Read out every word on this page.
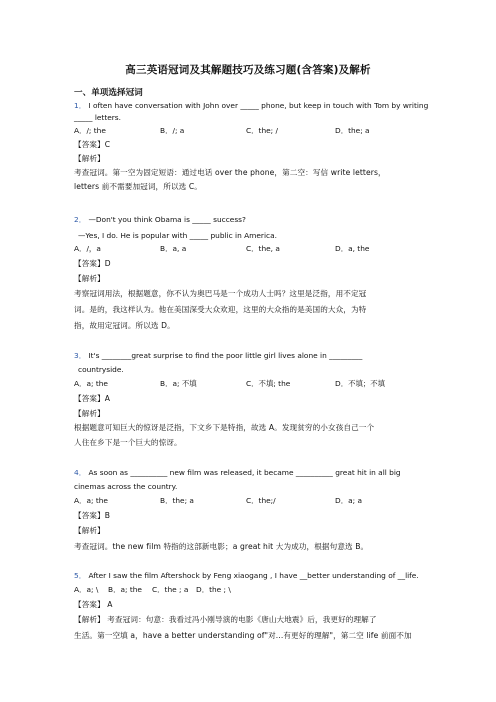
高三英语冠词及其解题技巧及练习题(含答案)及解析
一、单项选择冠词
1． I often have conversation with John over _____ phone, but keep in touch with Tom by writing
_____ letters.
A．/; the	B．/; a	C．the; /	D．the; a
【答案】C
【解析】
考查冠词。第一空为固定短语：通过电话 over the phone，第二空：写信 write letters，
letters 前不需要加冠词，所以选 C。
2． —Don't you think Obama is _____ success?
—Yes, I do. He is popular with _____ public in America.
A．/，a	B．a, a	C．the, a	D．a, the
【答案】D
【解析】
考察冠词用法，根据题意，你不认为奥巴马是一个成功人士吗？这里是泛指，用不定冠
词。是的，我这样认为。他在美国深受大众欢迎，这里的大众指的是美国的大众，为特
指，故用定冠词。所以选 D。
3． It's ________great surprise to find the poor little girl lives alone in _________
countryside.
A．a; the	B．a; 不填	C．不填; the	D．不填；不填
【答案】A
【解析】
根据题意可知巨大的惊讶是泛指，下文乡下是特指，故选 A。发现贫穷的小女孩自己一个
人住在乡下是一个巨大的惊讶。
4． As soon as __________ new film was released, it became __________ great hit in all big
cinemas across the country.
A．a; the	B．the; a	C．the;/	D．a; a
【答案】B
【解析】
考查冠词。the new film 特指的这部新电影；a great hit 大为成功，根据句意选 B。
5． After I saw the film Aftershock by Feng xiaogang , I have __better understanding of __life.
A．a; \ B．a; the C．the ; a D．the ; \
【答案】 A
【解析】 考查冠词：句意：我看过冯小刚导演的电影《唐山大地震》后，我更好的理解了
生活。第一空填 a，have a better understanding of"对...有更好的理解"，第二空 life 前面不加
